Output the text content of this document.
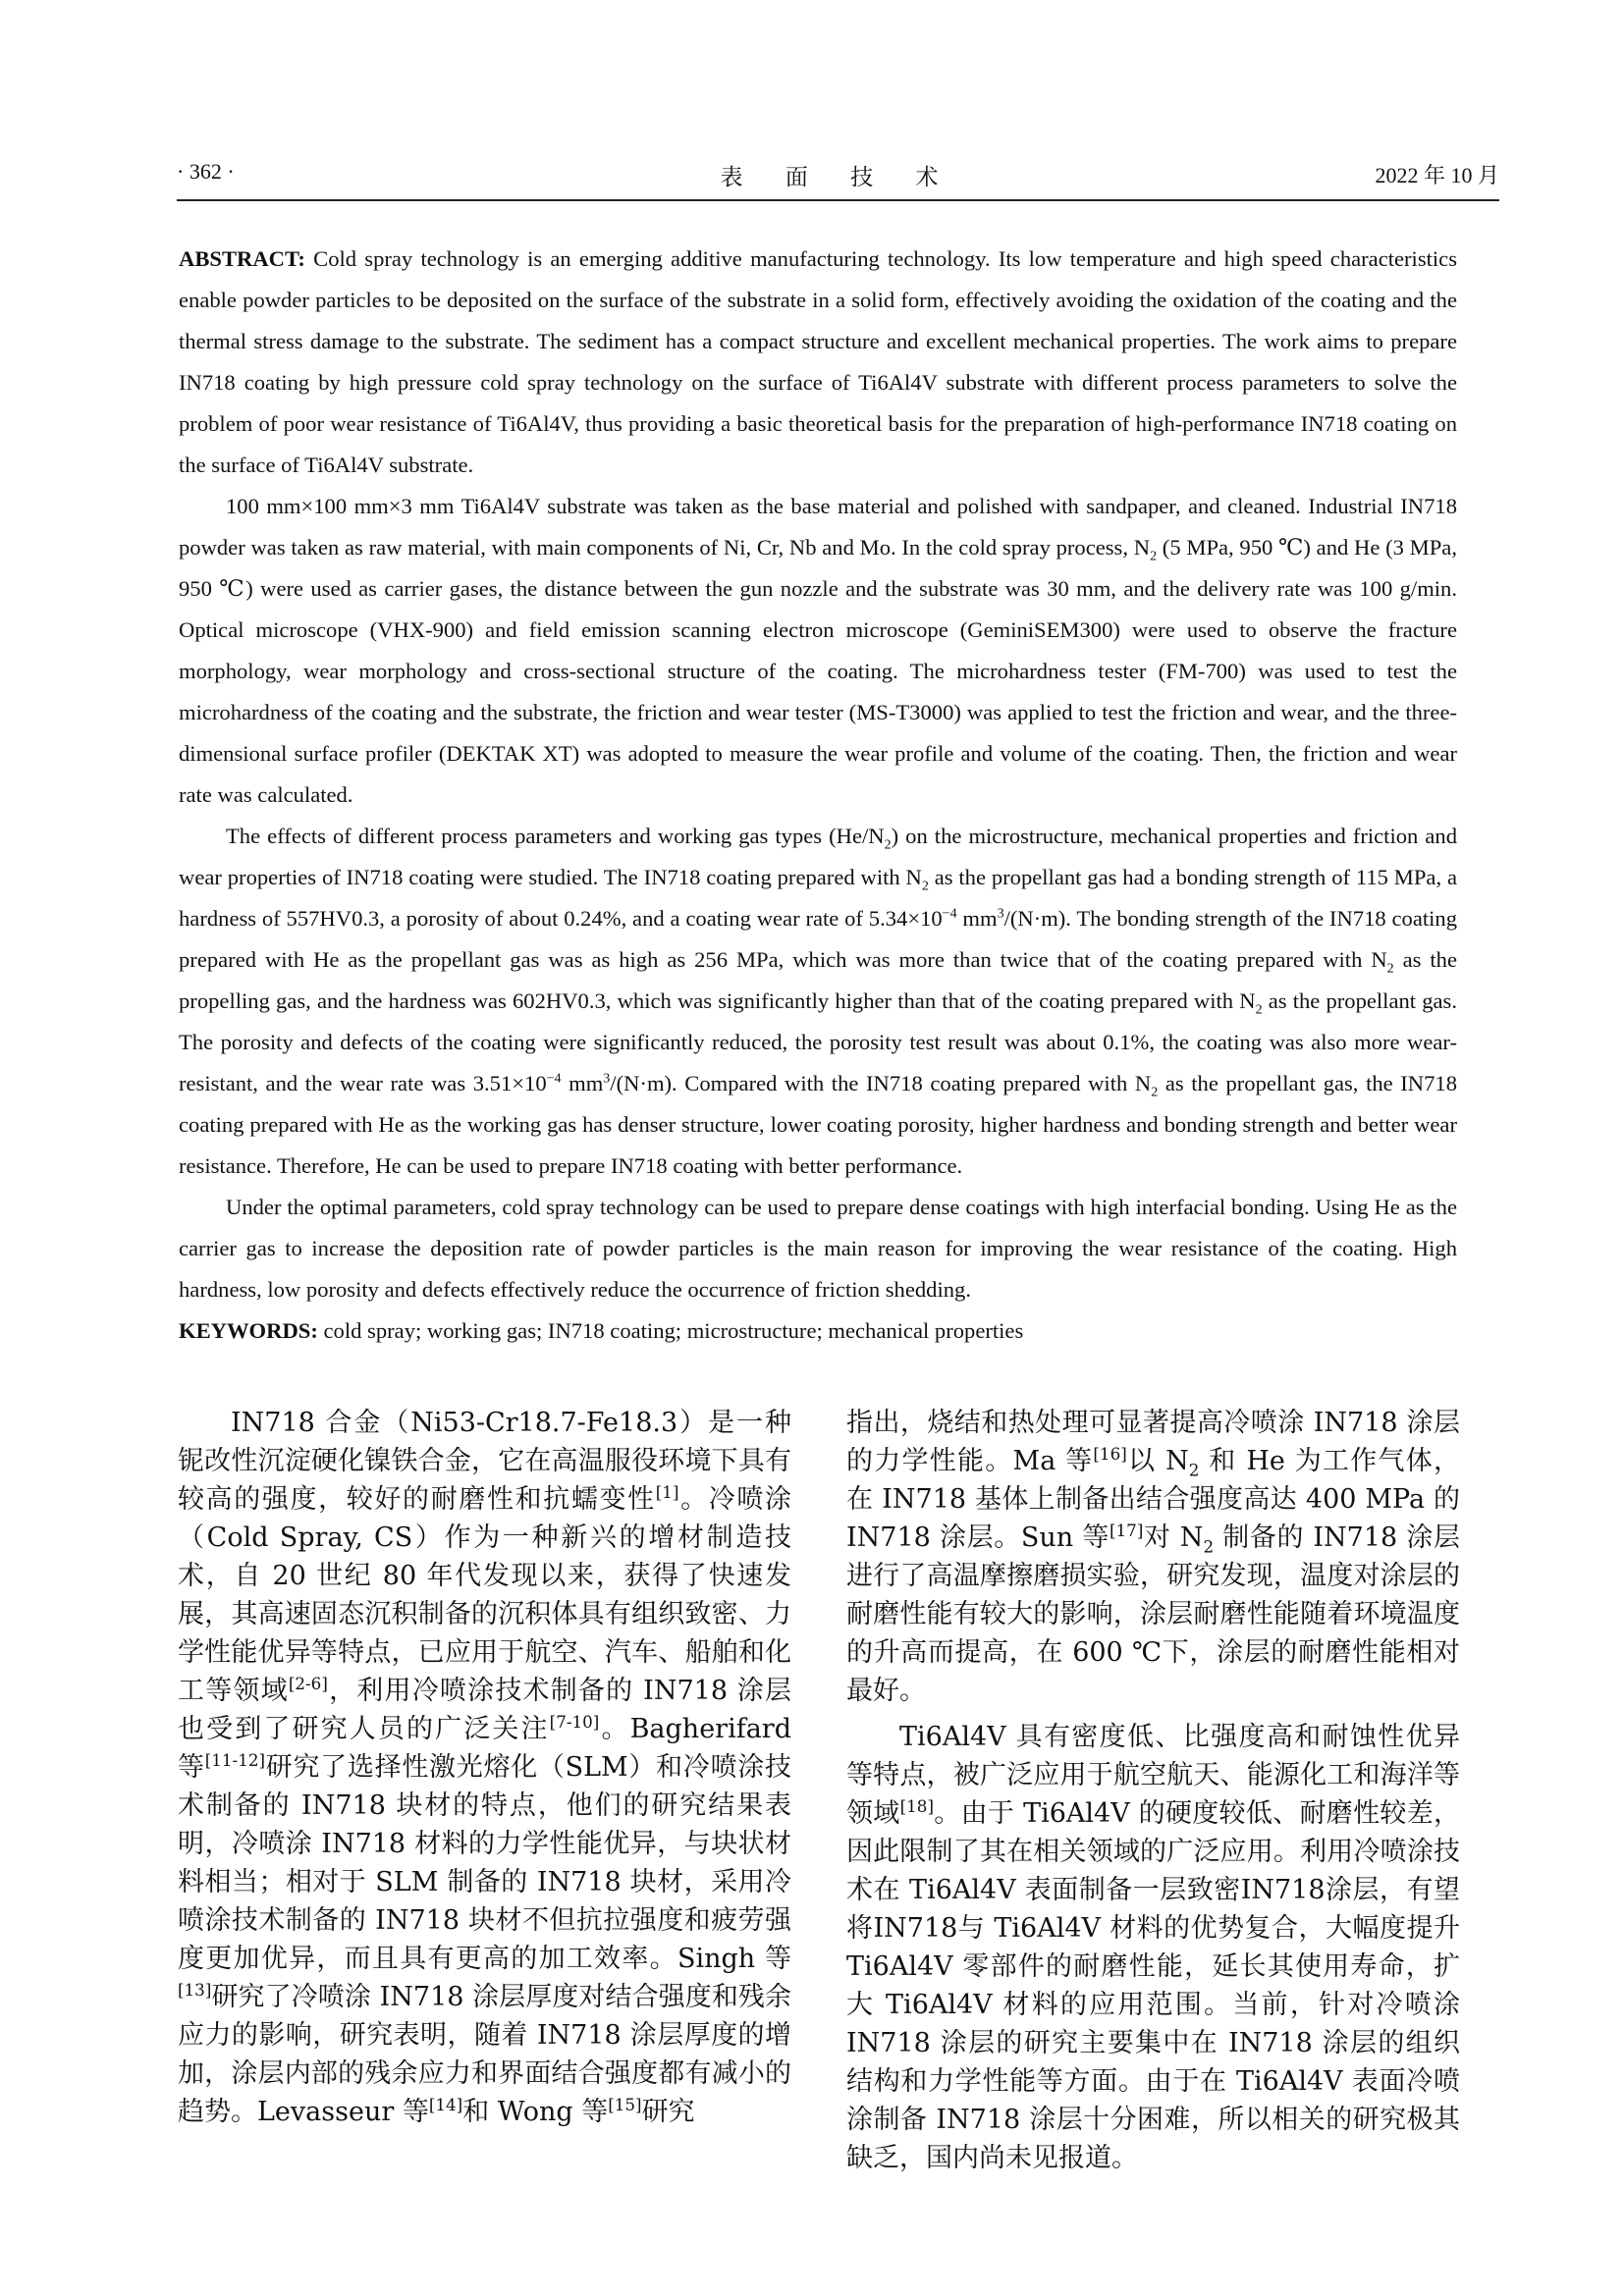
· 362 ·	表 面 技 术	2022 年 10 月

ABSTRACT: Cold spray technology is an emerging additive manufacturing technology. Its low temperature and high speed characteristics enable powder particles to be deposited on the surface of the substrate in a solid form, effectively avoiding the oxidation of the coating and the thermal stress damage to the substrate. The sediment has a compact structure and excellent mechanical properties. The work aims to prepare IN718 coating by high pressure cold spray technology on the surface of Ti6Al4V substrate with different process parameters to solve the problem of poor wear resistance of Ti6Al4V, thus providing a basic theoretical basis for the preparation of high-performance IN718 coating on the surface of Ti6Al4V substrate.

100 mm×100 mm×3 mm Ti6Al4V substrate was taken as the base material and polished with sandpaper, and cleaned. Industrial IN718 powder was taken as raw material, with main components of Ni, Cr, Nb and Mo. In the cold spray process, $N_2$ (5 MPa, 950 ℃) and He (3 MPa, 950 ℃) were used as carrier gases, the distance between the gun nozzle and the substrate was 30 mm, and the delivery rate was 100 g/min. Optical microscope (VHX-900) and field emission scanning electron microscope (GeminiSEM300) were used to observe the fracture morphology, wear morphology and cross-sectional structure of the coating. The microhardness tester (FM-700) was used to test the microhardness of the coating and the substrate, the friction and wear tester (MS-T3000) was applied to test the friction and wear, and the three-dimensional surface profiler (DEKTAK XT) was adopted to measure the wear profile and volume of the coating. Then, the friction and wear rate was calculated.

The effects of different process parameters and working gas types $(He/N_2)$ on the microstructure, mechanical properties and friction and wear properties of IN718 coating were studied. The IN718 coating prepared with $N_2$ as the propellant gas had a bonding strength of 115 MPa, a hardness of 557HV0.3, a porosity of about 0.24%, and a coating wear rate of $5.34\times 10^{-4}$ $mm^3/(N\cdot m)$. The bonding strength of the IN718 coating prepared with He as the propellant gas was as high as 256 MPa, which was more than twice that of the coating prepared with $N_2$ as the propelling gas, and the hardness was 602HV0.3, which was significantly higher than that of the coating prepared with $N_2$ as the propellant gas. The porosity and defects of the coating were significantly reduced, the porosity test result was about 0.1%, the coating was also more wear-resistant, and the wear rate was $3.51\times 10^{-4}$ $mm^3/(N\cdot m)$. Compared with the IN718 coating prepared with $N_2$ as the propellant gas, the IN718 coating prepared with He as the working gas has denser structure, lower coating porosity, higher hardness and bonding strength and better wear resistance. Therefore, He can be used to prepare IN718 coating with better performance.

Under the optimal parameters, cold spray technology can be used to prepare dense coatings with high interfacial bonding. Using He as the carrier gas to increase the deposition rate of powder particles is the main reason for improving the wear resistance of the coating. High hardness, low porosity and defects effectively reduce the occurrence of friction shedding.

KEYWORDS: cold spray; working gas; IN718 coating; microstructure; mechanical properties

IN718 合金（Ni53-Cr18.7-Fe18.3）是一种铌改性沉淀硬化镍铁合金，它在高温服役环境下具有较高的强度，较好的耐磨性和抗蠕变性[1]。冷喷涂（Cold Spray, CS）作为一种新兴的增材制造技术，自 20 世纪 80 年代发现以来，获得了快速发展，其高速固态沉积制备的沉积体具有组织致密、力学性能优异等特点，已应用于航空、汽车、船舶和化工等领域[2-6]，利用冷喷涂技术制备的 IN718 涂层也受到了研究人员的广泛关注[7-10]。Bagherifard 等[11-12]研究了选择性激光熔化（SLM）和冷喷涂技术制备的 IN718 块材的特点，他们的研究结果表明，冷喷涂 IN718 材料的力学性能优异，与块状材料相当；相对于 SLM 制备的 IN718 块材，采用冷喷涂技术制备的 IN718 块材不但抗拉强度和疲劳强度更加优异，而且具有更高的加工效率。Singh 等[13]研究了冷喷涂 IN718 涂层厚度对结合强度和残余应力的影响，研究表明，随着 IN718 涂层厚度的增加，涂层内部的残余应力和界面结合强度都有减小的趋势。Levasseur 等[14]和 Wong 等[15]研究

指出，烧结和热处理可显著提高冷喷涂 IN718 涂层的力学性能。Ma 等[16]以 $N_2$ 和 He 为工作气体，在 IN718 基体上制备出结合强度高达 400 MPa 的 IN718 涂层。Sun 等[17]对 $N_2$ 制备的 IN718 涂层进行了高温摩擦磨损实验，研究发现，温度对涂层的耐磨性能有较大的影响，涂层耐磨性能随着环境温度的升高而提高，在 600 ℃下，涂层的耐磨性能相对最好。

Ti6Al4V 具有密度低、比强度高和耐蚀性优异等特点，被广泛应用于航空航天、能源化工和海洋等领域[18]。由于 Ti6Al4V 的硬度较低、耐磨性较差，因此限制了其在相关领域的广泛应用。利用冷喷涂技术在 Ti6Al4V 表面制备一层致密IN718涂层，有望将IN718与 Ti6Al4V 材料的优势复合，大幅度提升 Ti6Al4V 零部件的耐磨性能，延长其使用寿命，扩大 Ti6Al4V 材料的应用范围。当前，针对冷喷涂 IN718 涂层的研究主要集中在 IN718 涂层的组织结构和力学性能等方面。由于在 Ti6Al4V 表面冷喷涂制备 IN718 涂层十分困难，所以相关的研究极其缺乏，国内尚未见报道。
